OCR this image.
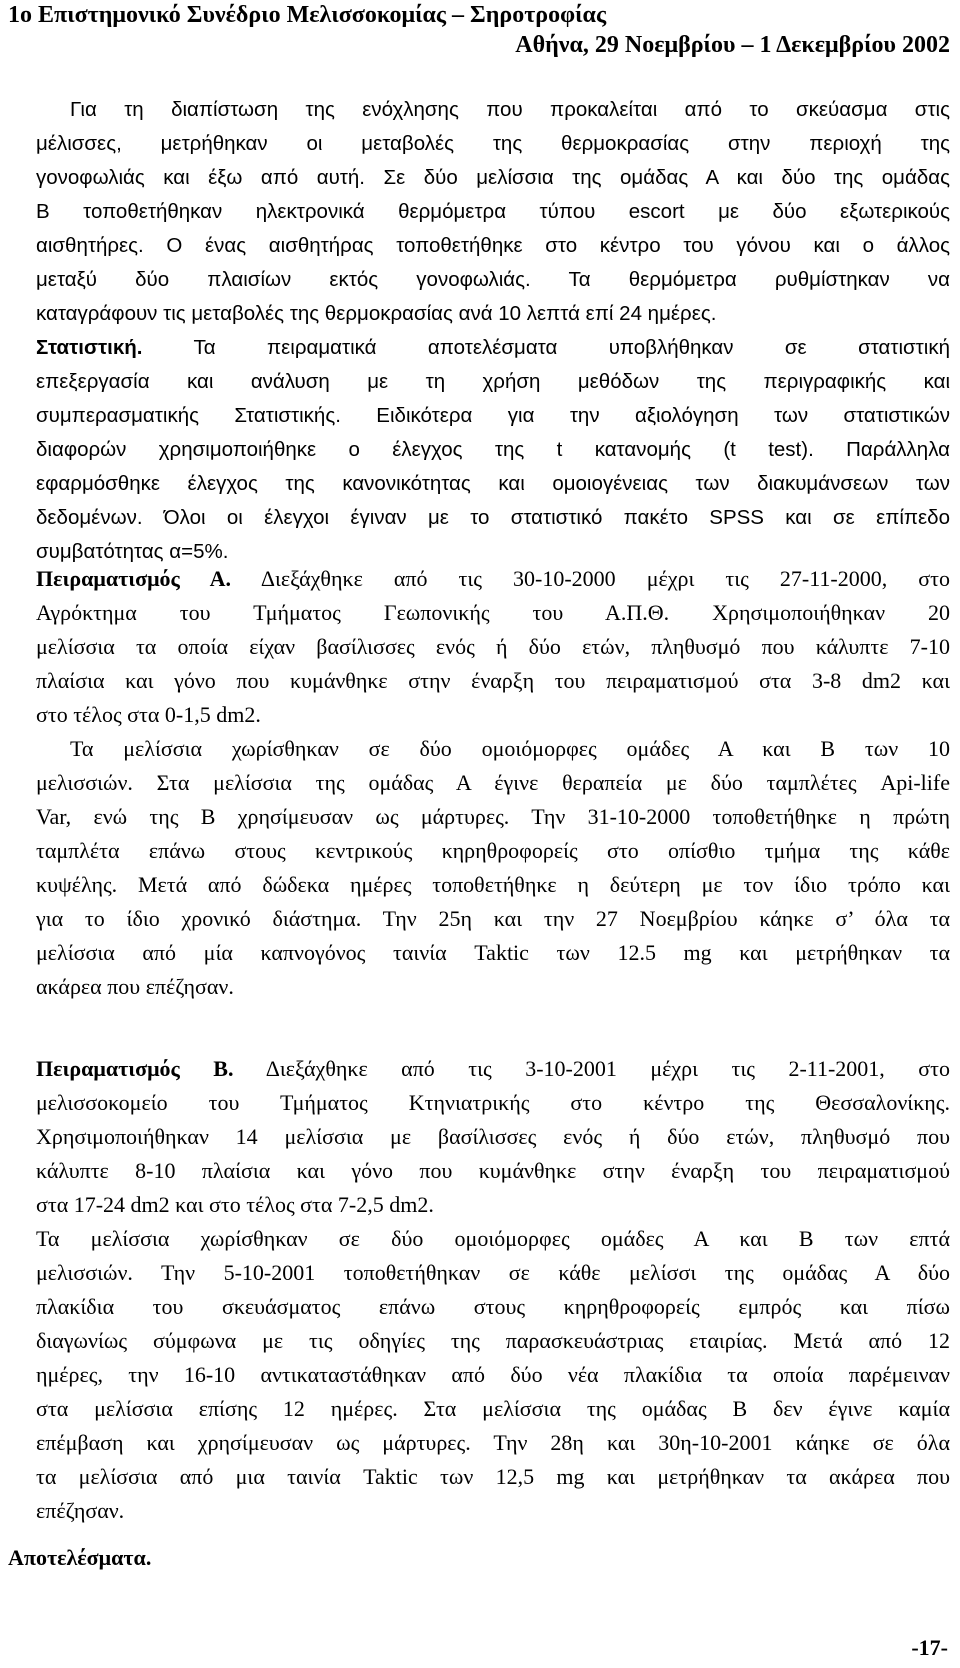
1ο Επιστημονικό Συνέδριο Μελισσοκομίας – Σηροτροφίας
Αθήνα, 29 Νοεμβρίου – 1 Δεκεμβρίου 2002
Για τη διαπίστωση της ενόχλησης που προκαλείται από το σκεύασμα στις
μέλισσες, μετρήθηκαν οι μεταβολές της θερμοκρασίας στην περιοχή της
γονοφωλιάς και έξω από αυτή. Σε δύο μελίσσια της ομάδας Α και δύο της ομάδας
Β τοποθετήθηκαν ηλεκτρονικά θερμόμετρα τύπου escort με δύο εξωτερικούς
αισθητήρες. Ο ένας αισθητήρας τοποθετήθηκε στο κέντρο του γόνου και ο άλλος
μεταξύ δύο πλαισίων εκτός γονοφωλιάς. Τα θερμόμετρα ρυθμίστηκαν να
καταγράφουν τις μεταβολές της θερμοκρασίας ανά 10 λεπτά επί 24 ημέρες.
Στατιστική. Τα πειραματικά αποτελέσματα υποβλήθηκαν σε στατιστική
επεξεργασία και ανάλυση με τη χρήση μεθόδων της περιγραφικής και
συμπερασματικής Στατιστικής. Ειδικότερα για την αξιολόγηση των στατιστικών
διαφορών χρησιμοποιήθηκε ο έλεγχος της t κατανομής (t test). Παράλληλα
εφαρμόσθηκε έλεγχος της κανονικότητας και ομοιογένειας των διακυμάνσεων των
δεδομένων. Όλοι οι έλεγχοι έγιναν με το στατιστικό πακέτο SPSS και σε επίπεδο
συμβατότητας α=5%.
Πειραματισμός Α. Διεξάχθηκε από τις 30-10-2000 μέχρι τις 27-11-2000, στο
Αγρόκτημα του Τμήματος Γεωπονικής του Α.Π.Θ. Χρησιμοποιήθηκαν 20
μελίσσια τα οποία είχαν βασίλισσες ενός ή δύο ετών, πληθυσμό που κάλυπτε 7-10
πλαίσια και γόνο που κυμάνθηκε στην έναρξη του πειραματισμού στα 3-8 dm2 και
στο τέλος στα 0-1,5 dm2.
Τα μελίσσια χωρίσθηκαν σε δύο ομοιόμορφες ομάδες Α και Β των 10
μελισσιών. Στα μελίσσια της ομάδας Α έγινε θεραπεία με δύο ταμπλέτες Api-life
Var, ενώ της Β χρησίμευσαν ως μάρτυρες. Την 31-10-2000 τοποθετήθηκε η πρώτη
ταμπλέτα επάνω στους κεντρικούς κηρηθροφορείς στο οπίσθιο τμήμα της κάθε
κυψέλης. Μετά από δώδεκα ημέρες τοποθετήθηκε η δεύτερη με τον ίδιο τρόπο και
για το ίδιο χρονικό διάστημα. Την 25η και την 27 Νοεμβρίου κάηκε σ’ όλα τα
μελίσσια από μία καπνογόνος ταινία Taktic των 12.5 mg και μετρήθηκαν τα
ακάρεα που επέζησαν.
Πειραματισμός Β. Διεξάχθηκε από τις 3-10-2001 μέχρι τις 2-11-2001, στο
μελισσοκομείο του Τμήματος Κτηνιατρικής στο κέντρο της Θεσσαλονίκης.
Χρησιμοποιήθηκαν 14 μελίσσια με βασίλισσες ενός ή δύο ετών, πληθυσμό που
κάλυπτε 8-10 πλαίσια και γόνο που κυμάνθηκε στην έναρξη του πειραματισμού
στα 17-24 dm2 και στο τέλος στα 7-2,5 dm2.
Τα μελίσσια χωρίσθηκαν σε δύο ομοιόμορφες ομάδες Α και Β των επτά
μελισσιών. Την 5-10-2001 τοποθετήθηκαν σε κάθε μελίσσι της ομάδας Α δύο
πλακίδια του σκευάσματος επάνω στους κηρηθροφορείς εμπρός και πίσω
διαγωνίως σύμφωνα με τις οδηγίες της παρασκευάστριας εταιρίας. Μετά από 12
ημέρες, την 16-10 αντικαταστάθηκαν από δύο νέα πλακίδια τα οποία παρέμειναν
στα μελίσσια επίσης 12 ημέρες. Στα μελίσσια της ομάδας Β δεν έγινε καμία
επέμβαση και χρησίμευσαν ως μάρτυρες. Την 28η και 30η-10-2001 κάηκε σε όλα
τα μελίσσια από μια ταινία Taktic των 12,5 mg και μετρήθηκαν τα ακάρεα που
επέζησαν.
Αποτελέσματα.
-17-
